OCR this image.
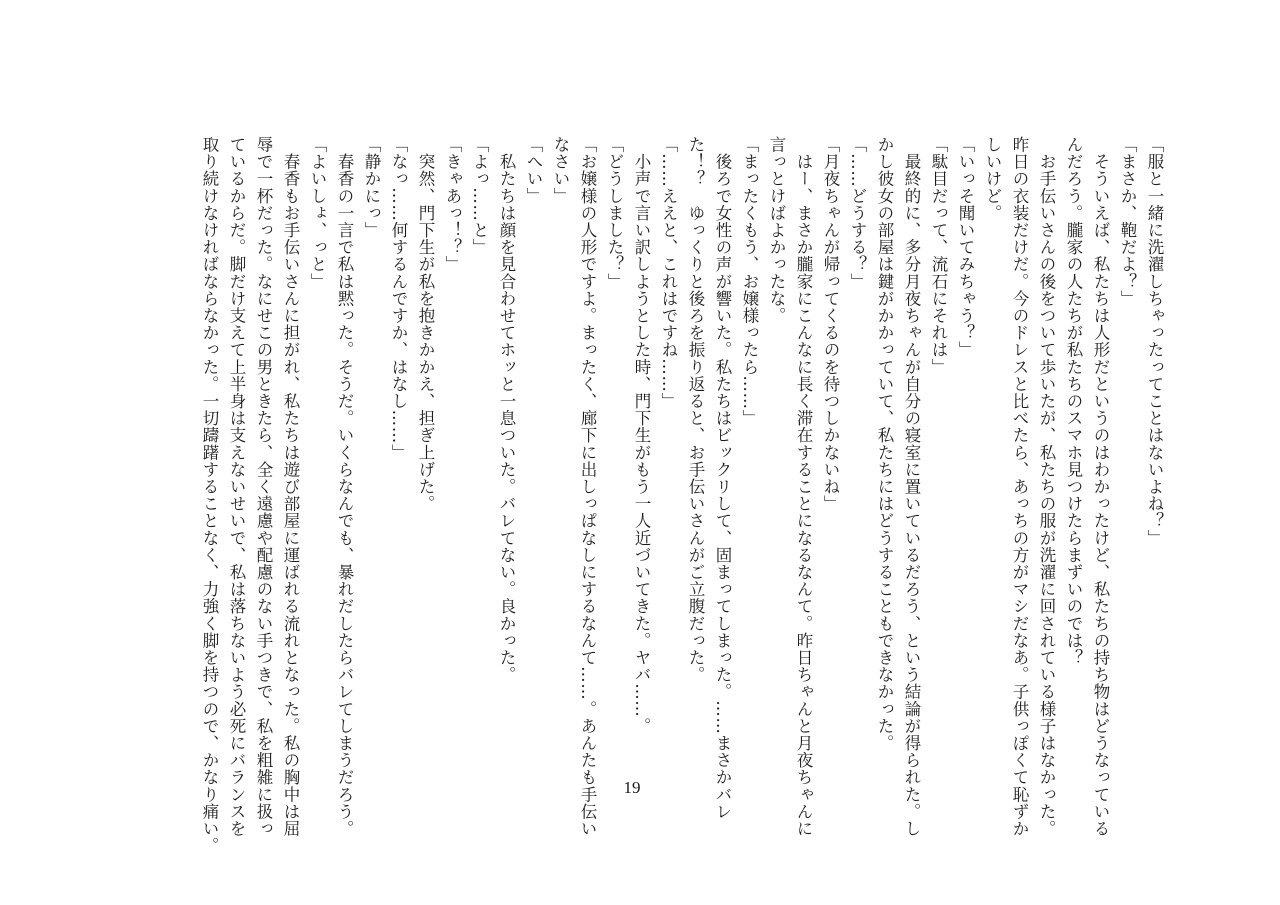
「服と一緒に洗濯しちゃったってことはないよね？」

「まさか、鞄だよ？」

　そういえば、私たちは人形だというのはわかったけど、私たちの持ち物はどうなっている

んだろう。朧家の人たちが私たちのスマホ見つけたらまずいのでは？

　お手伝いさんの後をついて歩いたが、私たちの服が洗濯に回されている様子はなかった。

昨日の衣装だけだ。今のドレスと比べたら、あっちの方がマシだなあ。子供っぽくて恥ずか

しいけど。

「いっそ聞いてみちゃう？」

「駄目だって、流石にそれは」

　最終的に、多分月夜ちゃんが自分の寝室に置いているだろう、という結論が得られた。し

かし彼女の部屋は鍵がかかっていて、私たちにはどうすることもできなかった。

「……どうする？」

「月夜ちゃんが帰ってくるのを待つしかないね」

　はー、まさか朧家にこんなに長く滞在することになるなんて。昨日ちゃんと月夜ちゃんに

言っとけばよかったな。

「まったくもう、お嬢様ったら……」

　後ろで女性の声が響いた。私たちはビックリして、固まってしまった。……まさかバレ

た！？　ゆっくりと後ろを振り返ると、お手伝いさんがご立腹だった。

「……ええと、これはですね……」

　小声で言い訳しようとした時、門下生がもう一人近づいてきた。ヤバ……。

「どうしました？」

「お嬢様の人形ですよ。まったく、廊下に出しっぱなしにするなんて……。あんたも手伝い

なさい」

「へい」

　私たちは顔を見合わせてホッと一息ついた。バレてない。良かった。

「よっ……と」

「きゃあっ！？」

　突然、門下生が私を抱きかかえ、担ぎ上げた。

「なっ……何するんですか、はなし……」

「静かにっ」

　春香の一言で私は黙った。そうだ。いくらなんでも、暴れだしたらバレてしまうだろう。

「よいしょ、っと」

　春香もお手伝いさんに担がれ、私たちは遊び部屋に運ばれる流れとなった。私の胸中は屈

辱で一杯だった。なにせこの男ときたら、全く遠慮や配慮のない手つきで、私を粗雑に扱っ

ているからだ。脚だけ支えて上半身は支えないせいで、私は落ちないよう必死にバランスを

取り続けなければならなかった。一切躊躇することなく、力強く脚を持つので、かなり痛い。	19
